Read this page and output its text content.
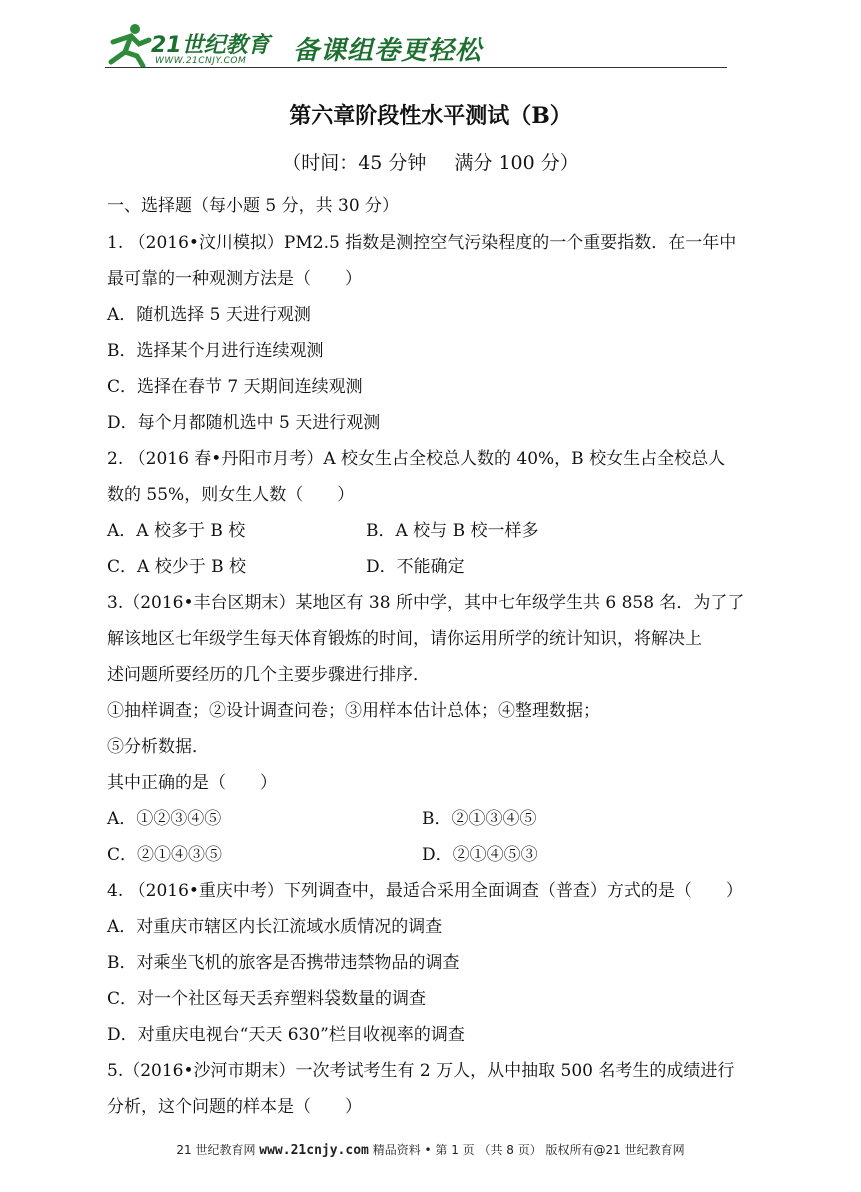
21世纪教育
WWW.21CNJY.COM 备课组卷更轻松
第六章阶段性水平测试（B）
（时间：45 分钟 满分 100 分）
一、选择题（每小题 5 分，共 30 分）
1. （2016•汶川模拟）PM2.5 指数是测控空气污染程度的一个重要指数．在一年中
最可靠的一种观测方法是（　　）
A．随机选择 5 天进行观测
B．选择某个月进行连续观测
C．选择在春节 7 天期间连续观测
D．每个月都随机选中 5 天进行观测
2. （2016 春•丹阳市月考）A 校女生占全校总人数的 40%，B 校女生占全校总人
数的 55%，则女生人数（　　）
A．A 校多于 B 校	B．A 校与 B 校一样多
C．A 校少于 B 校	D．不能确定
3.（2016•丰台区期末）某地区有 38 所中学，其中七年级学生共 6 858 名．为了了
解该地区七年级学生每天体育锻炼的时间，请你运用所学的统计知识，将解决上
述问题所要经历的几个主要步骤进行排序．
①抽样调查；②设计调查问卷；③用样本估计总体；④整理数据；
⑤分析数据．
其中正确的是（　　）
A．①②③④⑤	B．②①③④⑤
C．②①④③⑤	D．②①④⑤③
4. （2016•重庆中考）下列调查中，最适合采用全面调查（普查）方式的是（　　）
A．对重庆市辖区内长江流域水质情况的调查
B．对乘坐飞机的旅客是否携带违禁物品的调查
C．对一个社区每天丢弃塑料袋数量的调查
D．对重庆电视台“天天 630”栏目收视率的调查
5.（2016•沙河市期末）一次考试考生有 2 万人，从中抽取 500 名考生的成绩进行
分析，这个问题的样本是（　　）
21 世纪教育网 www.21cnjy.com 精品资料 • 第 1 页 （共 8 页） 版权所有@21 世纪教育网
